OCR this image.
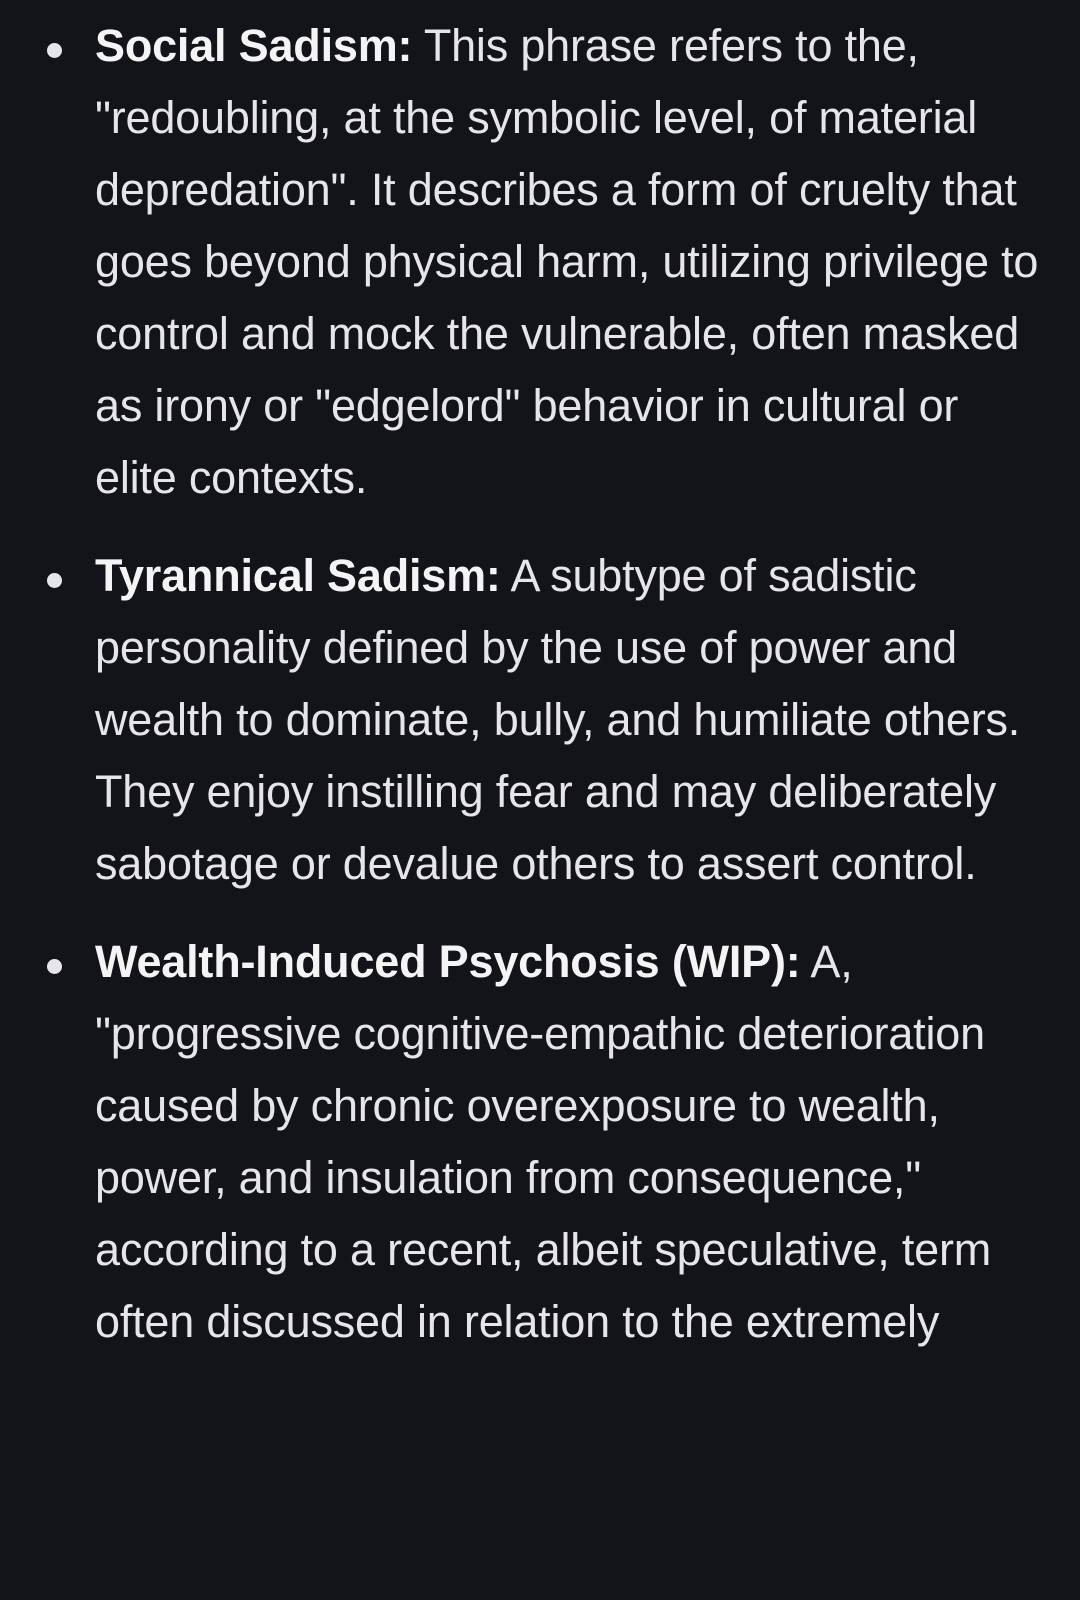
Social Sadism: This phrase refers to the, "redoubling, at the symbolic level, of material depredation". It describes a form of cruelty that goes beyond physical harm, utilizing privilege to control and mock the vulnerable, often masked as irony or "edgelord" behavior in cultural or elite contexts.
Tyrannical Sadism: A subtype of sadistic personality defined by the use of power and wealth to dominate, bully, and humiliate others. They enjoy instilling fear and may deliberately sabotage or devalue others to assert control.
Wealth-Induced Psychosis (WIP): A, "progressive cognitive-empathic deterioration caused by chronic overexposure to wealth, power, and insulation from consequence," according to a recent, albeit speculative, term often discussed in relation to the extremely
